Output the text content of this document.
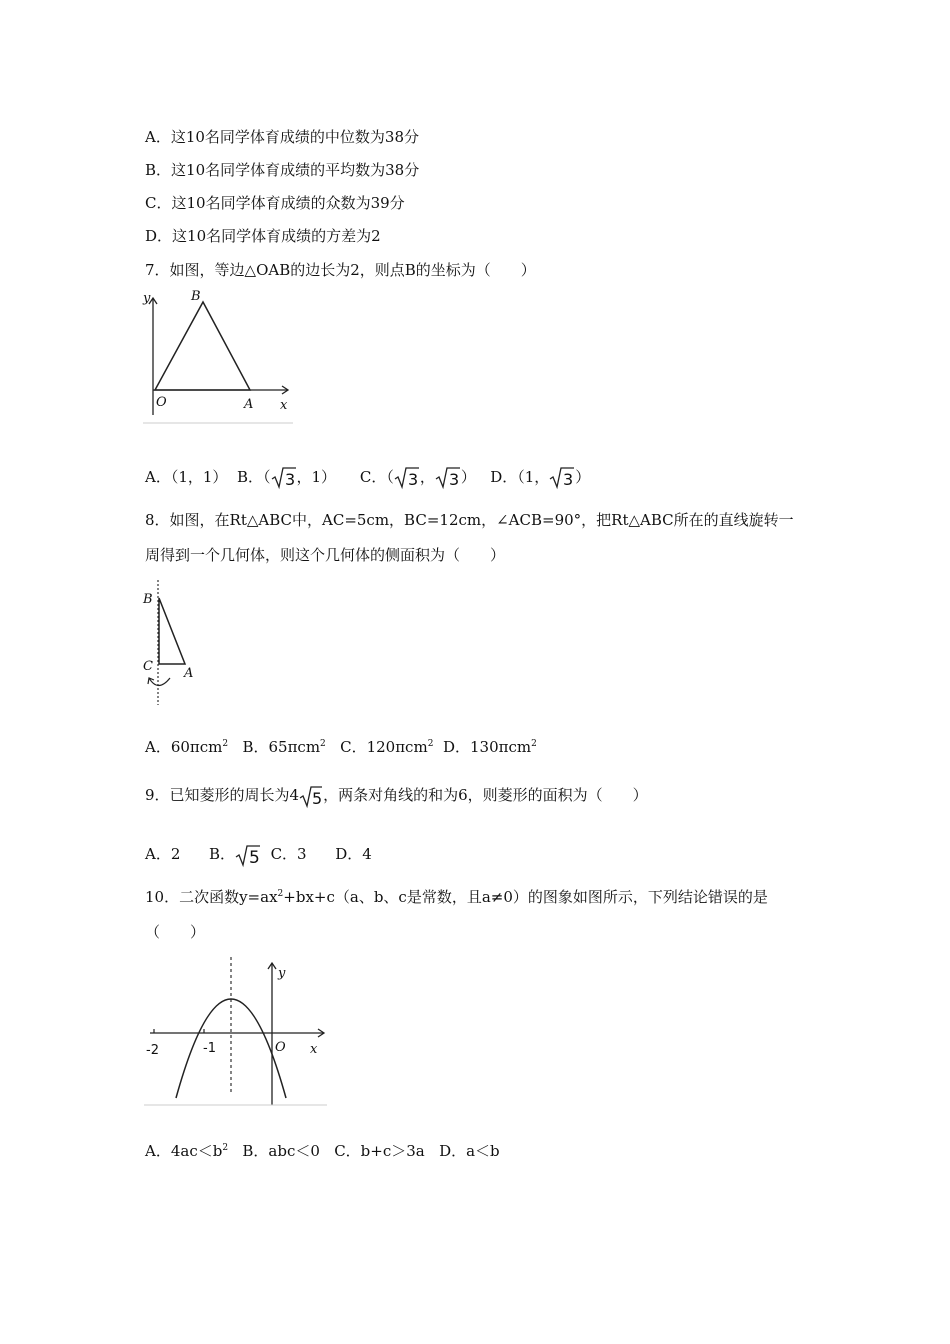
A．这10名同学体育成绩的中位数为38分
B．这10名同学体育成绩的平均数为38分
C．这10名同学体育成绩的众数为39分
D．这10名同学体育成绩的方差为2
7．如图，等边△OAB的边长为2，则点B的坐标为（　　）
y	B
O	A x
A．（1，1） B．（ 3 ，1） C．（ 3 ， 3 ） D．（1， 3 ）
8．如图，在Rt△ABC中，AC=5cm，BC=12cm，∠ACB=90°，把Rt△ABC所在的直线旋转一
周得到一个几何体，则这个几何体的侧面积为（　　）
B
C A
A．60πcm$^2$ B．65πcm$^2$ C．120πcm$^2$ D．130πcm$^2$
9．已知菱形的周长为4 5 ，两条对角线的和为6，则菱形的面积为（　　）
A．2 B． 5 C．3 D．4
10．二次函数$y=ax^2+bx+c(a$、b、c是常数，且a≠0）的图象如图所示，下列结论错误的是
（　　）
y
-2	-1	O x
A．$4ac<b^2$ B．abc＜0 C．b+c＞3a D．a＜b
